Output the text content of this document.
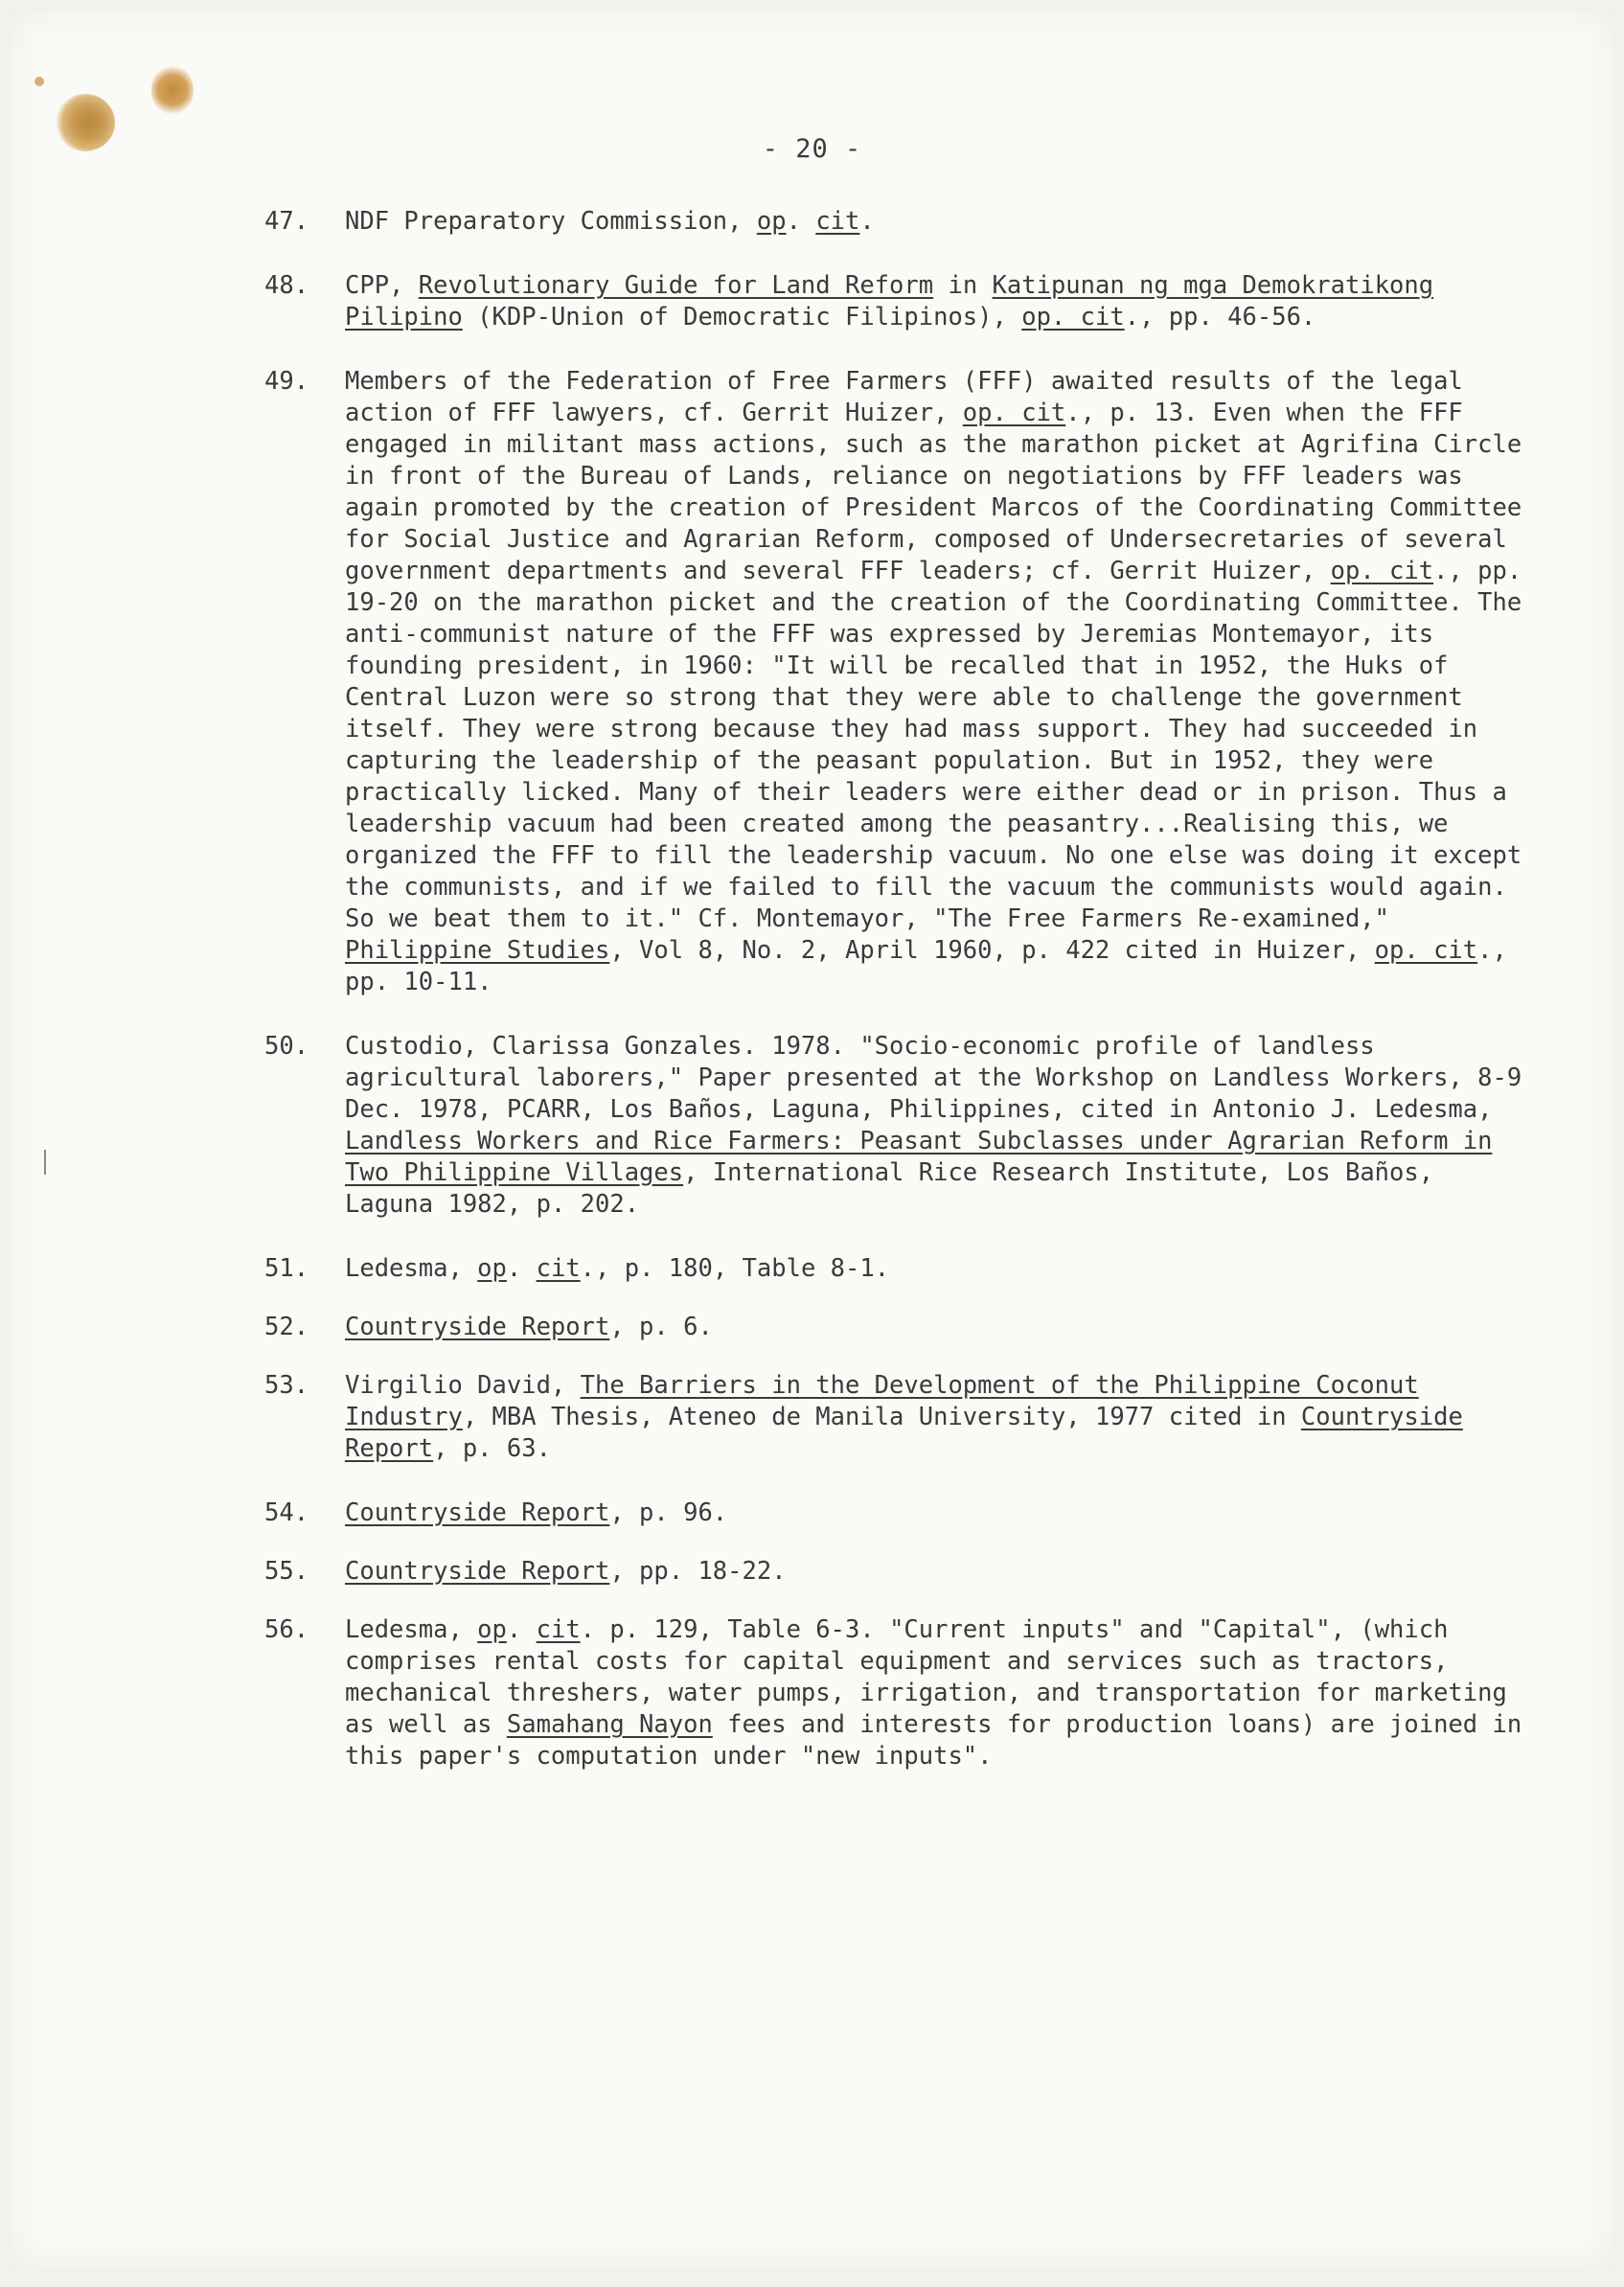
- 20 -
47.	NDF Preparatory Commission, op. cit.
48.	CPP, Revolutionary Guide for Land Reform in Katipunan ng mga Demokratikong Pilipino (KDP-Union of Democratic Filipinos), op. cit., pp. 46-56.
49.	Members of the Federation of Free Farmers (FFF) awaited results of the legal action of FFF lawyers, cf. Gerrit Huizer, op. cit., p. 13. Even when the FFF engaged in militant mass actions, such as the marathon picket at Agrifina Circle in front of the Bureau of Lands, reliance on negotiations by FFF leaders was again promoted by the creation of President Marcos of the Coordinating Committee for Social Justice and Agrarian Reform, composed of Undersecretaries of several government departments and several FFF leaders; cf. Gerrit Huizer, op. cit., pp. 19-20 on the marathon picket and the creation of the Coordinating Committee. The anti-communist nature of the FFF was expressed by Jeremias Montemayor, its founding president, in 1960: "It will be recalled that in 1952, the Huks of Central Luzon were so strong that they were able to challenge the government itself. They were strong because they had mass support. They had succeeded in capturing the leadership of the peasant population. But in 1952, they were practically licked. Many of their leaders were either dead or in prison. Thus a leadership vacuum had been created among the peasantry...Realising this, we organized the FFF to fill the leadership vacuum. No one else was doing it except the communists, and if we failed to fill the vacuum the communists would again. So we beat them to it." Cf. Montemayor, "The Free Farmers Re-examined," Philippine Studies, Vol 8, No. 2, April 1960, p. 422 cited in Huizer, op. cit., pp. 10-11.
50.	Custodio, Clarissa Gonzales. 1978. "Socio-economic profile of landless agricultural laborers," Paper presented at the Workshop on Landless Workers, 8-9 Dec. 1978, PCARR, Los Baños, Laguna, Philippines, cited in Antonio J. Ledesma, Landless Workers and Rice Farmers: Peasant Subclasses under Agrarian Reform in Two Philippine Villages, International Rice Research Institute, Los Baños, Laguna 1982, p. 202.
51.	Ledesma, op. cit., p. 180, Table 8-1.
52.	Countryside Report, p. 6.
53.	Virgilio David, The Barriers in the Development of the Philippine Coconut Industry, MBA Thesis, Ateneo de Manila University, 1977 cited in Countryside Report, p. 63.
54.	Countryside Report, p. 96.
55.	Countryside Report, pp. 18-22.
56.	Ledesma, op. cit. p. 129, Table 6-3. "Current inputs" and "Capital", (which comprises rental costs for capital equipment and services such as tractors, mechanical threshers, water pumps, irrigation, and transportation for marketing as well as Samahang Nayon fees and interests for production loans) are joined in this paper's computation under "new inputs".
